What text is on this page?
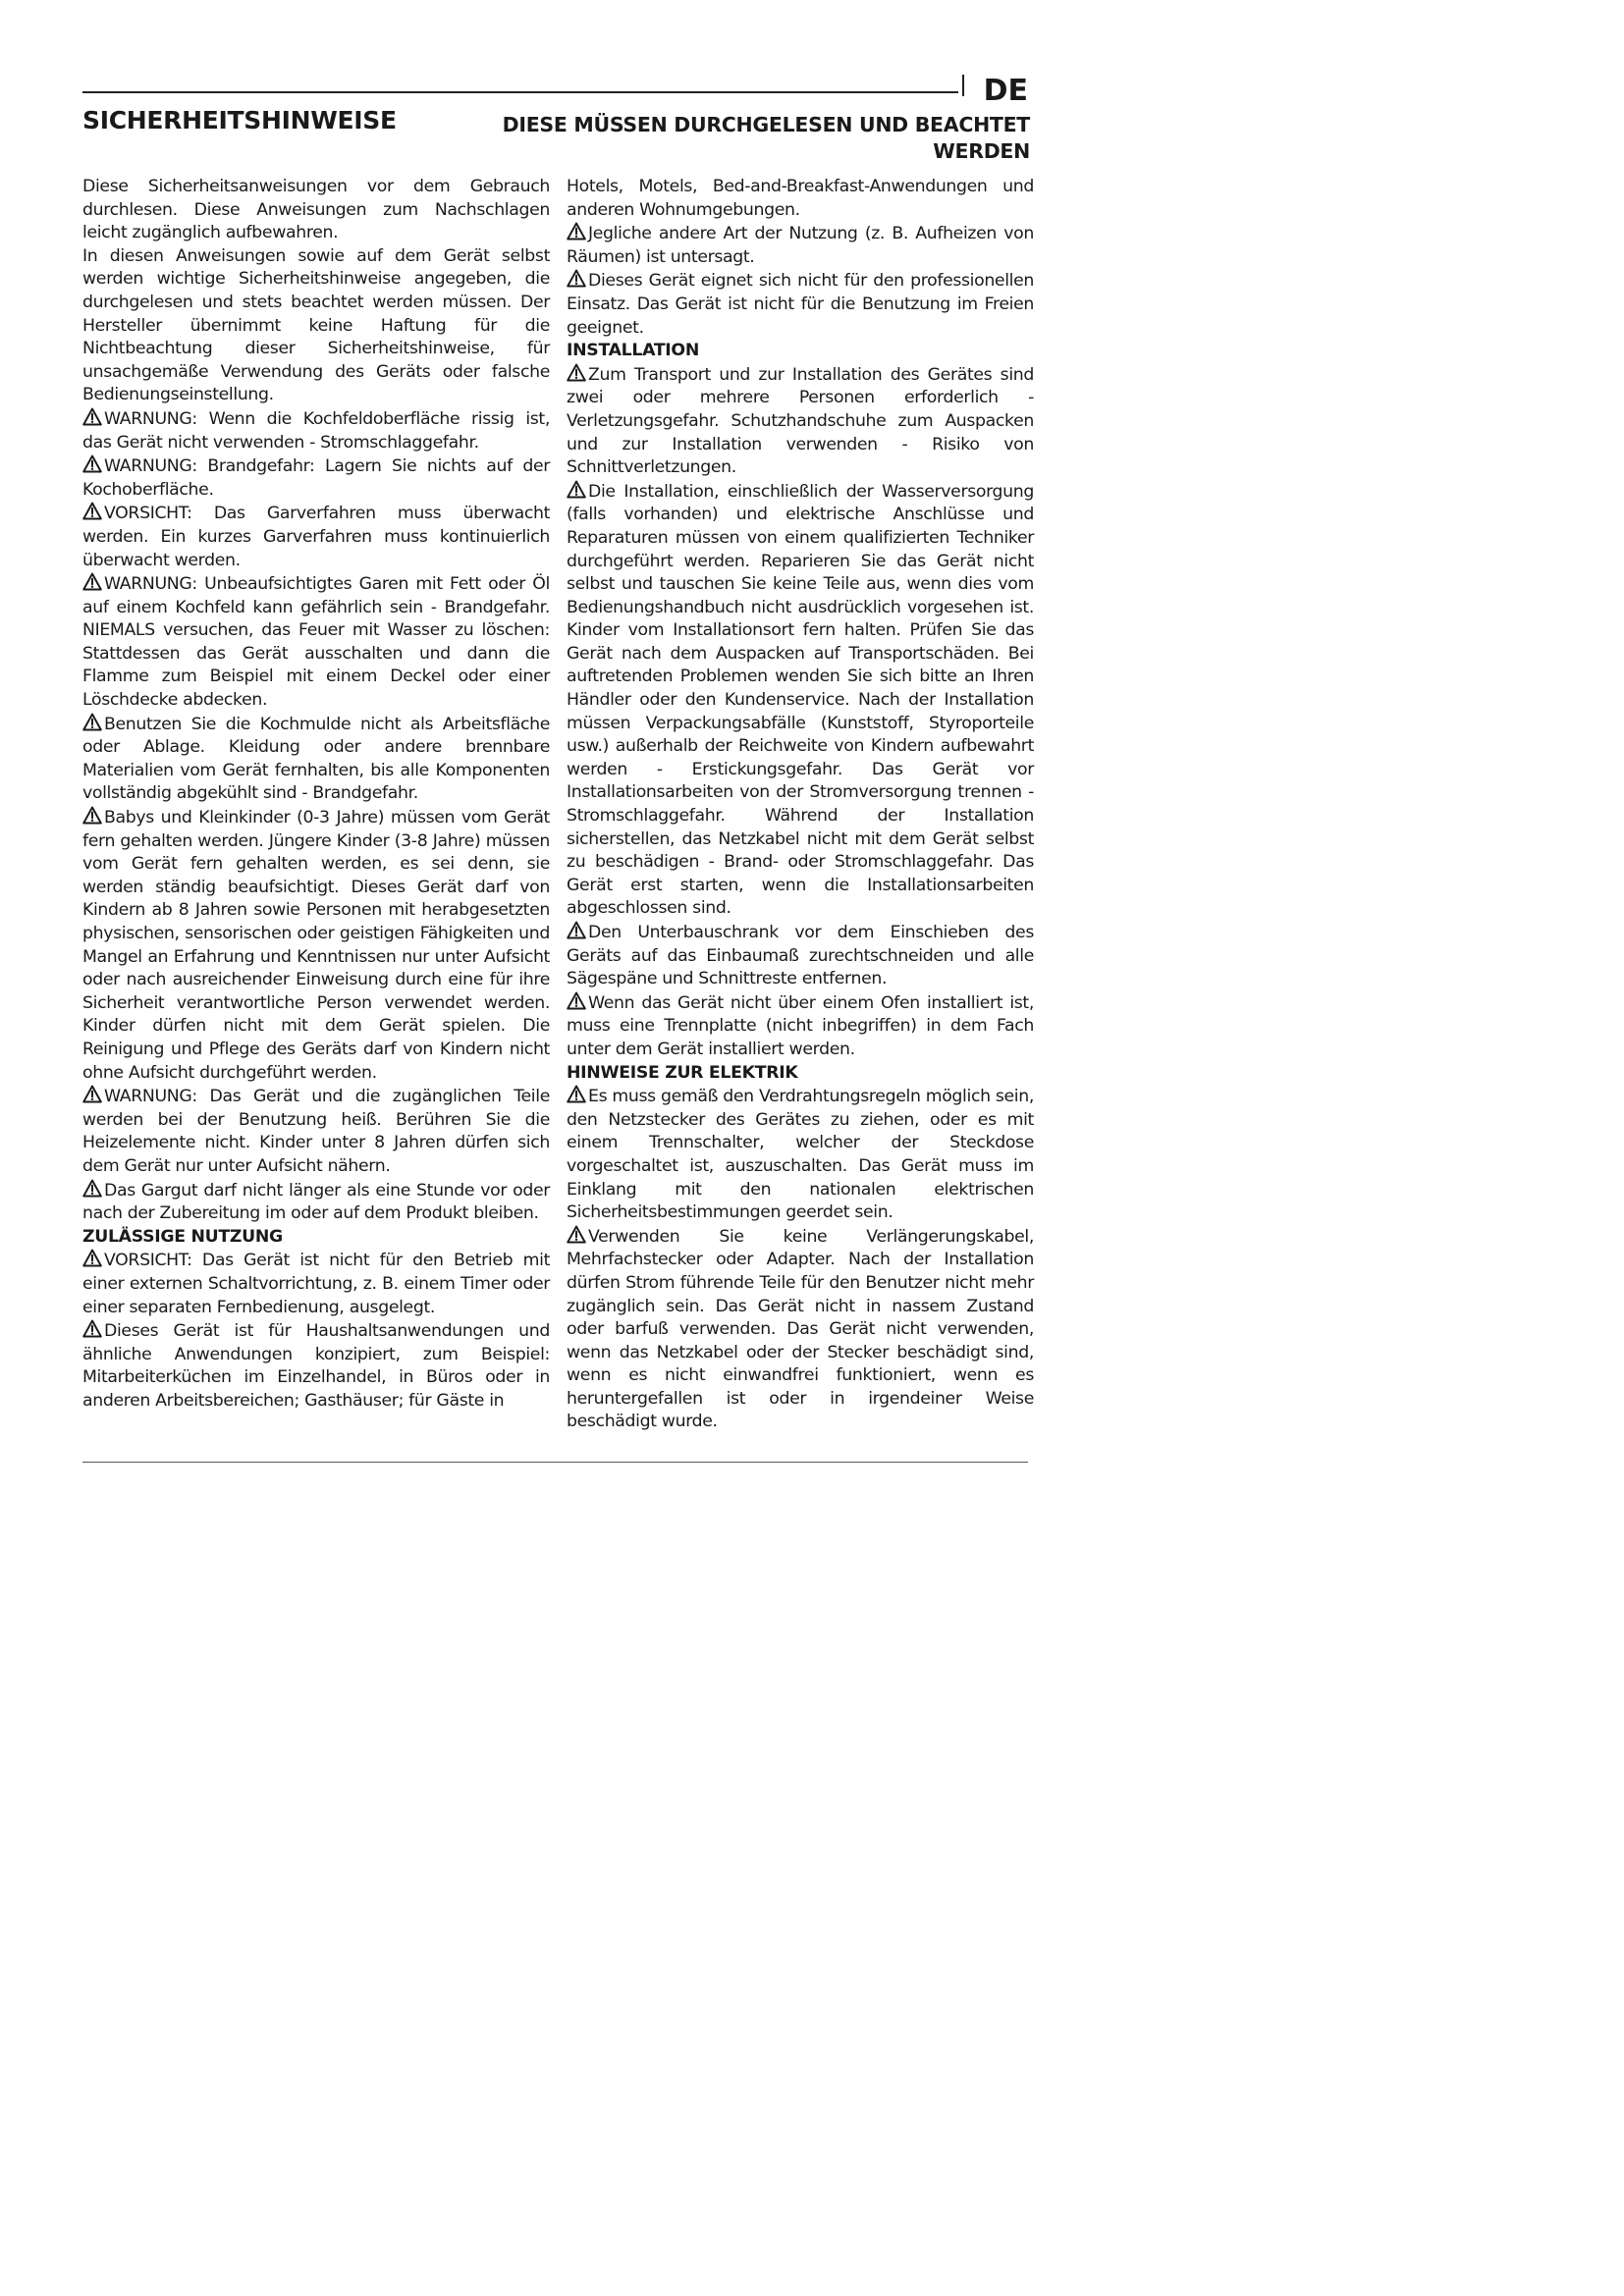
DE
SICHERHEITSHINWEISE	DIESE MÜSSEN DURCHGELESEN UND BEACHTET WERDEN

Diese Sicherheitsanweisungen vor dem Gebrauch durchlesen. Diese Anweisungen zum Nachschlagen leicht zugänglich aufbewahren.

In diesen Anweisungen sowie auf dem Gerät selbst werden wichtige Sicherheitshinweise angegeben, die durchgelesen und stets beachtet werden müssen. Der Hersteller übernimmt keine Haftung für die Nichtbeachtung dieser Sicherheitshinweise, für unsachgemäße Verwendung des Geräts oder falsche Bedienungseinstellung.

WARNUNG: Wenn die Kochfeldoberfläche rissig ist, das Gerät nicht verwenden - Stromschlaggefahr.

WARNUNG: Brandgefahr: Lagern Sie nichts auf der Kochoberfläche.

VORSICHT: Das Garverfahren muss überwacht werden. Ein kurzes Garverfahren muss kontinuierlich überwacht werden.

WARNUNG: Unbeaufsichtigtes Garen mit Fett oder Öl auf einem Kochfeld kann gefährlich sein - Brandgefahr. NIEMALS versuchen, das Feuer mit Wasser zu löschen: Stattdessen das Gerät ausschalten und dann die Flamme zum Beispiel mit einem Deckel oder einer Löschdecke abdecken.

Benutzen Sie die Kochmulde nicht als Arbeitsfläche oder Ablage. Kleidung oder andere brennbare Materialien vom Gerät fernhalten, bis alle Komponenten vollständig abgekühlt sind - Brandgefahr.

Babys und Kleinkinder (0-3 Jahre) müssen vom Gerät fern gehalten werden. Jüngere Kinder (3-8 Jahre) müssen vom Gerät fern gehalten werden, es sei denn, sie werden ständig beaufsichtigt. Dieses Gerät darf von Kindern ab 8 Jahren sowie Personen mit herabgesetzten physischen, sensorischen oder geistigen Fähigkeiten und Mangel an Erfahrung und Kenntnissen nur unter Aufsicht oder nach ausreichender Einweisung durch eine für ihre Sicherheit verantwortliche Person verwendet werden. Kinder dürfen nicht mit dem Gerät spielen. Die Reinigung und Pflege des Geräts darf von Kindern nicht ohne Aufsicht durchgeführt werden.

WARNUNG: Das Gerät und die zugänglichen Teile werden bei der Benutzung heiß. Berühren Sie die Heizelemente nicht. Kinder unter 8 Jahren dürfen sich dem Gerät nur unter Aufsicht nähern.

Das Gargut darf nicht länger als eine Stunde vor oder nach der Zubereitung im oder auf dem Produkt bleiben.

ZULÄSSIGE NUTZUNG

VORSICHT: Das Gerät ist nicht für den Betrieb mit einer externen Schaltvorrichtung, z. B. einem Timer oder einer separaten Fernbedienung, ausgelegt.

Dieses Gerät ist für Haushaltsanwendungen und ähnliche Anwendungen konzipiert, zum Beispiel: Mitarbeiterküchen im Einzelhandel, in Büros oder in anderen Arbeitsbereichen; Gasthäuser; für Gäste in

Hotels, Motels, Bed-and-Breakfast-Anwendungen und anderen Wohnumgebungen.

Jegliche andere Art der Nutzung (z. B. Aufheizen von Räumen) ist untersagt.

Dieses Gerät eignet sich nicht für den professionellen Einsatz. Das Gerät ist nicht für die Benutzung im Freien geeignet.

INSTALLATION

Zum Transport und zur Installation des Gerätes sind zwei oder mehrere Personen erforderlich - Verletzungsgefahr. Schutzhandschuhe zum Auspacken und zur Installation verwenden - Risiko von Schnittverletzungen.

Die Installation, einschließlich der Wasserversorgung (falls vorhanden) und elektrische Anschlüsse und Reparaturen müssen von einem qualifizierten Techniker durchgeführt werden. Reparieren Sie das Gerät nicht selbst und tauschen Sie keine Teile aus, wenn dies vom Bedienungshandbuch nicht ausdrücklich vorgesehen ist. Kinder vom Installationsort fern halten. Prüfen Sie das Gerät nach dem Auspacken auf Transportschäden. Bei auftretenden Problemen wenden Sie sich bitte an Ihren Händler oder den Kundenservice. Nach der Installation müssen Verpackungsabfälle (Kunststoff, Styroporteile usw.) außerhalb der Reichweite von Kindern aufbewahrt werden - Erstickungsgefahr. Das Gerät vor Installationsarbeiten von der Stromversorgung trennen - Stromschlaggefahr. Während der Installation sicherstellen, das Netzkabel nicht mit dem Gerät selbst zu beschädigen - Brand- oder Stromschlaggefahr. Das Gerät erst starten, wenn die Installationsarbeiten abgeschlossen sind.

Den Unterbauschrank vor dem Einschieben des Geräts auf das Einbaumaß zurechtschneiden und alle Sägespäne und Schnittreste entfernen.

Wenn das Gerät nicht über einem Ofen installiert ist, muss eine Trennplatte (nicht inbegriffen) in dem Fach unter dem Gerät installiert werden.

HINWEISE ZUR ELEKTRIK

Es muss gemäß den Verdrahtungsregeln möglich sein, den Netzstecker des Gerätes zu ziehen, oder es mit einem Trennschalter, welcher der Steckdose vorgeschaltet ist, auszuschalten. Das Gerät muss im Einklang mit den nationalen elektrischen Sicherheitsbestimmungen geerdet sein.

Verwenden Sie keine Verlängerungskabel, Mehrfachstecker oder Adapter. Nach der Installation dürfen Strom führende Teile für den Benutzer nicht mehr zugänglich sein. Das Gerät nicht in nassem Zustand oder barfuß verwenden. Das Gerät nicht verwenden, wenn das Netzkabel oder der Stecker beschädigt sind, wenn es nicht einwandfrei funktioniert, wenn es heruntergefallen ist oder in irgendeiner Weise beschädigt wurde.
